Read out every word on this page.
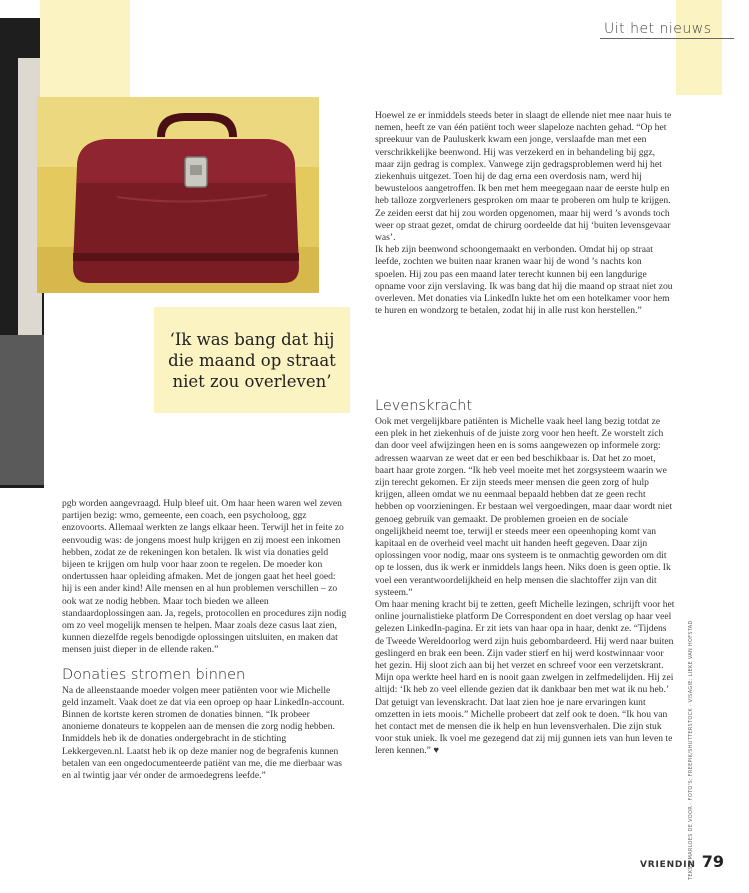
Uit het nieuws
‘Ik was bang dat hij die maand op straat niet zou overleven’

Hoewel ze er inmiddels steeds beter in slaagt de ellende niet mee naar huis te nemen, heeft ze van één patiënt toch weer slapeloze nachten gehad. “Op het spreekuur van de Pauluskerk kwam een jonge, verslaafde man met een verschrikkelijke beenwond. Hij was verzekerd en in behandeling bij ggz, maar zijn gedrag is complex. Vanwege zijn gedragsproblemen werd hij het ziekenhuis uitgezet. Toen hij de dag erna een overdosis nam, werd hij bewusteloos aangetroffen. Ik ben met hem meegegaan naar de eerste hulp en heb talloze zorgverleners gesproken om maar te proberen om hulp te krijgen. Ze zeiden eerst dat hij zou worden opgenomen, maar hij werd ’s avonds toch weer op straat gezet, omdat de chirurg oordeelde dat hij ‘buiten levensgevaar was’.

Ik heb zijn beenwond schoongemaakt en verbonden. Omdat hij op straat leefde, zochten we buiten naar kranen waar hij de wond ’s nachts kon spoelen. Hij zou pas een maand later terecht kunnen bij een langdurige opname voor zijn verslaving. Ik was bang dat hij die maand op straat niet zou overleven. Met donaties via LinkedIn lukte het om een hotelkamer voor hem te huren en wondzorg te betalen, zodat hij in alle rust kon herstellen.”

Levenskracht

Ook met vergelijkbare patiënten is Michelle vaak heel lang bezig totdat ze een plek in het ziekenhuis of de juiste zorg voor hen heeft. Ze worstelt zich dan door veel afwijzingen heen en is soms aangewezen op informele zorg: adressen waarvan ze weet dat er een bed beschikbaar is. Dat het zo moet, baart haar grote zorgen. “Ik heb veel moeite met het zorgsysteem waarin we zijn terecht gekomen. Er zijn steeds meer mensen die geen zorg of hulp krijgen, alleen omdat we nu eenmaal bepaald hebben dat ze geen recht hebben op voorzieningen. Er bestaan wel vergoedingen, maar daar wordt niet genoeg gebruik van gemaakt. De problemen groeien en de sociale ongelijkheid neemt toe, terwijl er steeds meer een opeenhoping komt van kapitaal en de overheid veel macht uit handen heeft gegeven. Daar zijn oplossingen voor nodig, maar ons systeem is te onmachtig geworden om dit op te lossen, dus ik werk er inmiddels langs heen. Niks doen is geen optie. Ik voel een verantwoordelijkheid en help mensen die slachtoffer zijn van dit systeem.”

Om haar mening kracht bij te zetten, geeft Michelle lezingen, schrijft voor het online journalistieke platform De Correspondent en doet verslag op haar veel gelezen LinkedIn-pagina. Er zit iets van haar opa in haar, denkt ze. “Tijdens de Tweede Wereldoorlog werd zijn huis gebombardeerd. Hij werd naar buiten geslingerd en brak een been. Zijn vader stierf en hij werd kostwinnaar voor het gezin. Hij sloot zich aan bij het verzet en schreef voor een verzetskrant. Mijn opa werkte heel hard en is nooit gaan zwelgen in zelfmedelijden. Hij zei altijd: ‘Ik heb zo veel ellende gezien dat ik dankbaar ben met wat ik nu heb.’ Dat getuigt van levenskracht. Dat laat zien hoe je nare ervaringen kunt omzetten in iets moois.” Michelle probeert dat zelf ook te doen. “Ik hou van het contact met de mensen die ik help en hun levensverhalen. Die zijn stuk voor stuk uniek. Ik voel me gezegend dat zij mij gunnen iets van hun leven te leren kennen.” ♥

pgb worden aangevraagd. Hulp bleef uit. Om haar heen waren wel zeven partijen bezig: wmo, gemeente, een coach, een psycholoog, ggz enzovoorts. Allemaal werkten ze langs elkaar heen. Terwijl het in feite zo eenvoudig was: de jongens moest hulp krijgen en zij moest een inkomen hebben, zodat ze de rekeningen kon betalen. Ik wist via donaties geld bijeen te krijgen om hulp voor haar zoon te regelen. De moeder kon ondertussen haar opleiding afmaken. Met de jongen gaat het heel goed: hij is een ander kind! Alle mensen en al hun problemen verschillen – zo ook wat ze nodig hebben. Maar toch bieden we alleen standaardoplossingen aan. Ja, regels, protocollen en procedures zijn nodig om zo veel mogelijk mensen te helpen. Maar zoals deze casus laat zien, kunnen diezelfde regels benodigde oplossingen uitsluiten, en maken dat mensen juist dieper in de ellende raken.”

Donaties stromen binnen

Na de alleenstaande moeder volgen meer patiënten voor wie Michelle geld inzamelt. Vaak doet ze dat via een oproep op haar LinkedIn-account. Binnen de kortste keren stromen de donaties binnen. “Ik probeer anonieme donateurs te koppelen aan de mensen die zorg nodig hebben. Inmiddels heb ik de donaties ondergebracht in de stichting Lekkergeven.nl. Laatst heb ik op deze manier nog de begrafenis kunnen betalen van een ongedocumenteerde patiënt van me, die me dierbaar was en al twintig jaar vér onder de armoedegrens leefde.”	TEKST: MARLOES DE VOOR · FOTO'S: FREEPIK/SHUTTERSTOCK · VISAGIE: LIEKE VAN HOFSTAD
VRIENDIN 79
